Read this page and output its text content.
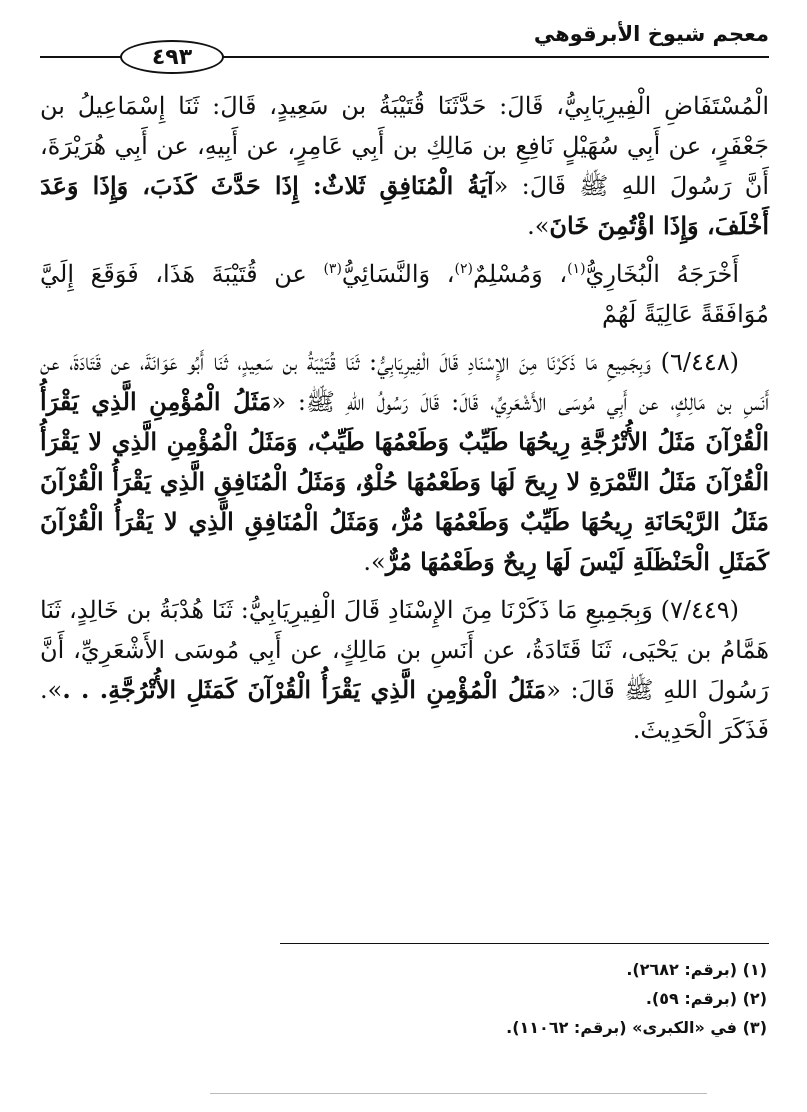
معجم شيوخ الأبرقوهي
٤٩٣

الْمُسْتَفَاضِ الْفِيرِيَابِيُّ، قَالَ: حَدَّثَنَا قُتَيْبَةُ بن سَعِيدٍ، قَالَ: ثَنَا إِسْمَاعِيلُ بن جَعْفَرٍ، عن أَبِي سُهَيْلٍ نَافِعِ بن مَالِكِ بن أَبِي عَامِرٍ، عن أَبِيهِ، عن أَبِي هُرَيْرَةَ، أَنَّ رَسُولَ اللهِ ﷺ قَالَ: «آيَةُ الْمُنَافِقِ ثَلاثٌ: إِذَا حَدَّثَ كَذَبَ، وَإِذَا وَعَدَ أَخْلَفَ، وَإِذَا اؤْتُمِنَ خَانَ».

أَخْرَجَهُ الْبُخَارِيُّ$^{(١)}$، وَمُسْلِمٌ$^{(٢)}$، وَالنَّسَائِيُّ$^{(٣)}$ عن قُتَيْبَةَ هَذَا، فَوَقَعَ إِلَيَّ مُوَافَقَةً عَالِيَةً لَهُمْ

(٦/٤٤٨) وَبِجَمِيعِ مَا ذَكَرْنَا مِنَ الإِسْنَادِ قَالَ الْفِيرِيَابِيُّ: ثَنَا قُتَيْبَةُ بن سَعِيدٍ، ثَنَا أَبُو عَوَانَةَ، عن قَتَادَةَ، عن أَنَسِ بن مَالِكٍ، عن أَبِي مُوسَى الأَشْعَرِيِّ، قَالَ: قَالَ رَسُولُ اللهِ ﷺ: «مَثَلُ الْمُؤْمِنِ الَّذِي يَقْرَأُ الْقُرْآنَ مَثَلُ الأُتْرُجَّةِ رِيحُهَا طَيِّبٌ وَطَعْمُهَا طَيِّبٌ، وَمَثَلُ الْمُؤْمِنِ الَّذِي لا يَقْرَأُ الْقُرْآنَ مَثَلُ التَّمْرَةِ لا رِيحَ لَهَا وَطَعْمُهَا حُلْوٌ، وَمَثَلُ الْمُنَافِقِ الَّذِي يَقْرَأُ الْقُرْآنَ مَثَلُ الرَّيْحَانَةِ رِيحُهَا طَيِّبٌ وَطَعْمُهَا مُرٌّ، وَمَثَلُ الْمُنَافِقِ الَّذِي لا يَقْرَأُ الْقُرْآنَ كَمَثَلِ الْحَنْظَلَةِ لَيْسَ لَهَا رِيحٌ وَطَعْمُهَا مُرٌّ».

(٧/٤٤٩) وَبِجَمِيعِ مَا ذَكَرْنَا مِنَ الإِسْنَادِ قَالَ الْفِيرِيَابِيُّ: ثَنَا هُدْبَةُ بن خَالِدٍ، ثَنَا هَمَّامُ بن يَحْيَى، ثَنَا قَتَادَةُ، عن أَنَسِ بن مَالِكٍ، عن أَبِي مُوسَى الأَشْعَرِيِّ، أَنَّ رَسُولَ اللهِ ﷺ قَالَ: «مَثَلُ الْمُؤْمِنِ الَّذِي يَقْرَأُ الْقُرْآنَ كَمَثَلِ الأُتْرُجَّةِ. . .». فَذَكَرَ الْحَدِيثَ.

(١) (برقم: ٢٦٨٢).

(٢) (برقم: ٥٩).

(٣) في «الكبرى» (برقم: ١١٠٦٢).
